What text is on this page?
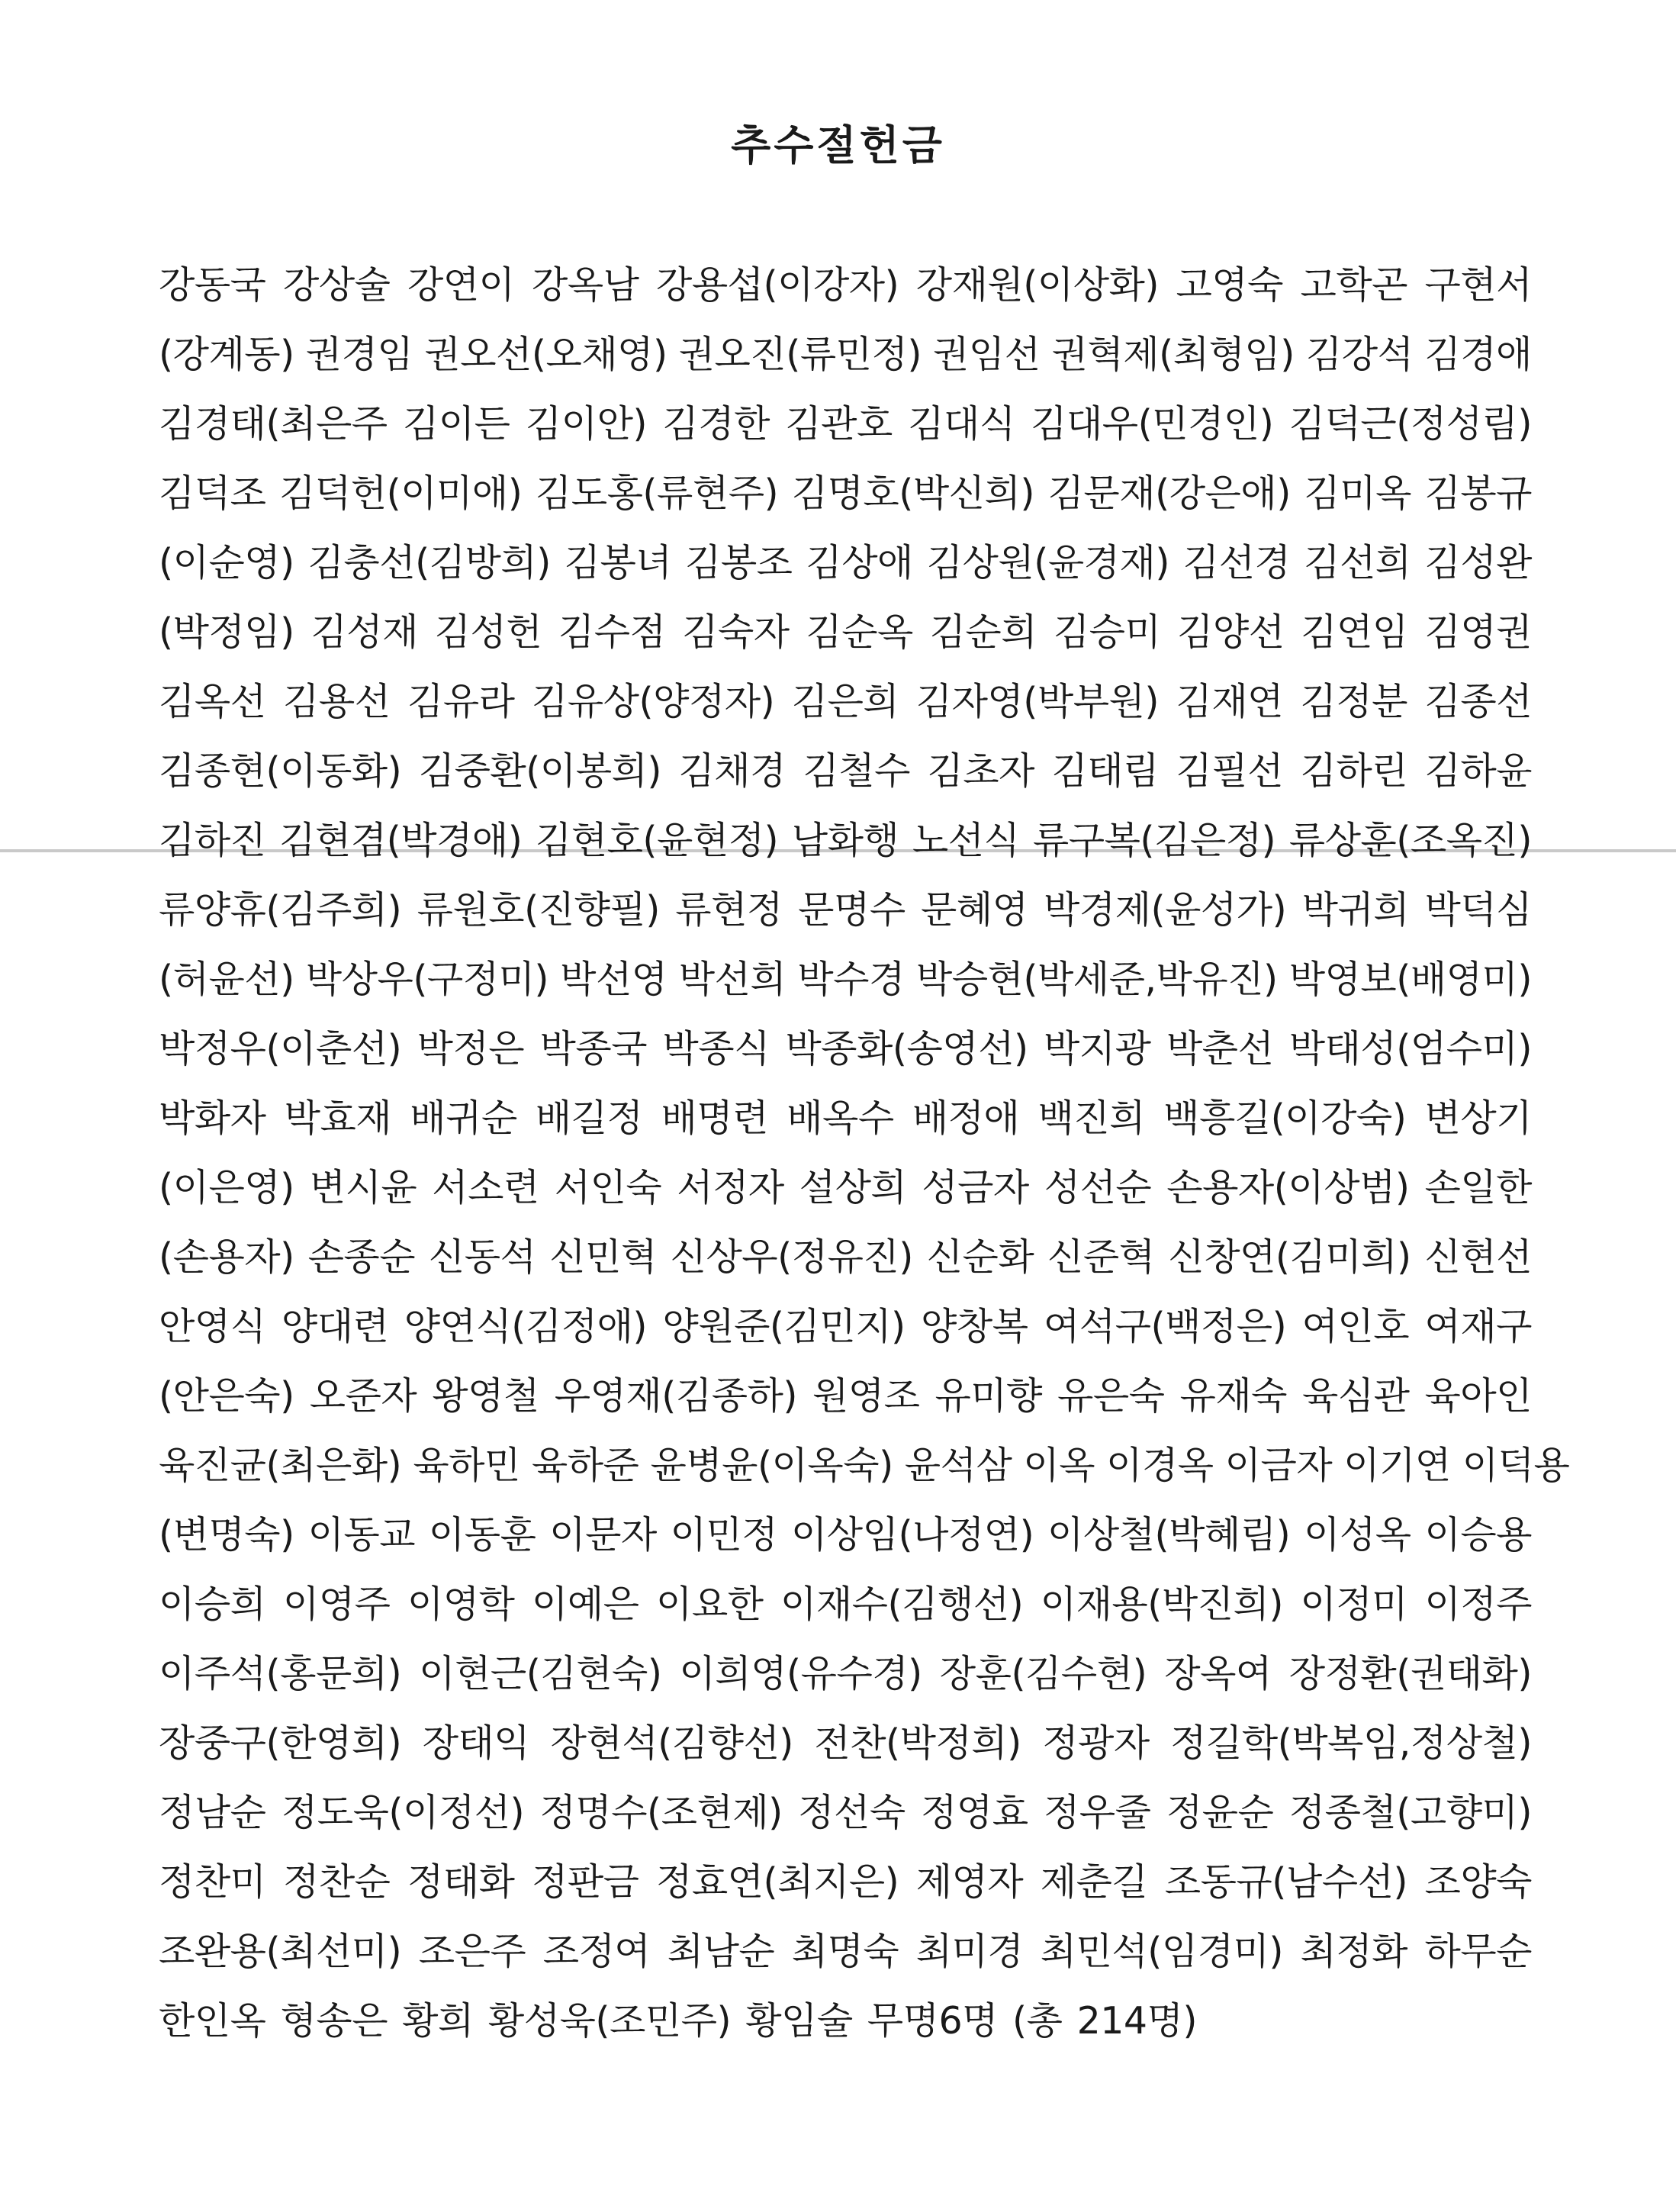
추수절헌금
강동국 강상술 강연이 강옥남 강용섭(이강자) 강재원(이상화) 고영숙 고학곤 구현서
(강계동) 권경임 권오선(오채영) 권오진(류민정) 권임선 권혁제(최형임) 김강석 김경애
김경태(최은주 김이든 김이안) 김경한 김관호 김대식 김대우(민경인) 김덕근(정성림)
김덕조 김덕헌(이미애) 김도홍(류현주) 김명호(박신희) 김문재(강은애) 김미옥 김봉규
(이순영) 김충선(김방희) 김봉녀 김봉조 김상애 김상원(윤경재) 김선경 김선희 김성완
(박정임) 김성재 김성헌 김수점 김숙자 김순옥 김순희 김승미 김양선 김연임 김영권
김옥선 김용선 김유라 김유상(양정자) 김은희 김자영(박부원) 김재연 김정분 김종선
김종현(이동화) 김중환(이봉희) 김채경 김철수 김초자 김태림 김필선 김하린 김하윤
김하진 김현겸(박경애) 김현호(윤현정) 남화행 노선식 류구복(김은정) 류상훈(조옥진)
류양휴(김주희) 류원호(진향필) 류현정 문명수 문혜영 박경제(윤성가) 박귀희 박덕심
(허윤선) 박상우(구정미) 박선영 박선희 박수경 박승현(박세준,박유진) 박영보(배영미)
박정우(이춘선) 박정은 박종국 박종식 박종화(송영선) 박지광 박춘선 박태성(엄수미)
박화자 박효재 배귀순 배길정 배명련 배옥수 배정애 백진희 백흥길(이강숙) 변상기
(이은영) 변시윤 서소련 서인숙 서정자 설상희 성금자 성선순 손용자(이상범) 손일한
(손용자) 손종순 신동석 신민혁 신상우(정유진) 신순화 신준혁 신창연(김미희) 신현선
안영식 양대련 양연식(김정애) 양원준(김민지) 양창복 여석구(백정은) 여인호 여재구
(안은숙) 오준자 왕영철 우영재(김종하) 원영조 유미향 유은숙 유재숙 육심관 육아인
육진균(최은화) 육하민 육하준 윤병윤(이옥숙) 윤석삼 이옥 이경옥 이금자 이기연 이덕용
(변명숙) 이동교 이동훈 이문자 이민정 이상임(나정연) 이상철(박혜림) 이성옥 이승용
이승희 이영주 이영학 이예은 이요한 이재수(김행선) 이재용(박진희) 이정미 이정주
이주석(홍문희) 이현근(김현숙) 이희영(유수경) 장훈(김수현) 장옥여 장정환(권태화)
장중구(한영희) 장태익 장현석(김향선) 전찬(박정희) 정광자 정길학(박복임,정상철)
정남순 정도욱(이정선) 정명수(조현제) 정선숙 정영효 정우줄 정윤순 정종철(고향미)
정찬미 정찬순 정태화 정판금 정효연(최지은) 제영자 제춘길 조동규(남수선) 조양숙
조완용(최선미) 조은주 조정여 최남순 최명숙 최미경 최민석(임경미) 최정화 하무순
한인옥 형송은 황희 황성욱(조민주) 황임술 무명6명 (총 214명)
